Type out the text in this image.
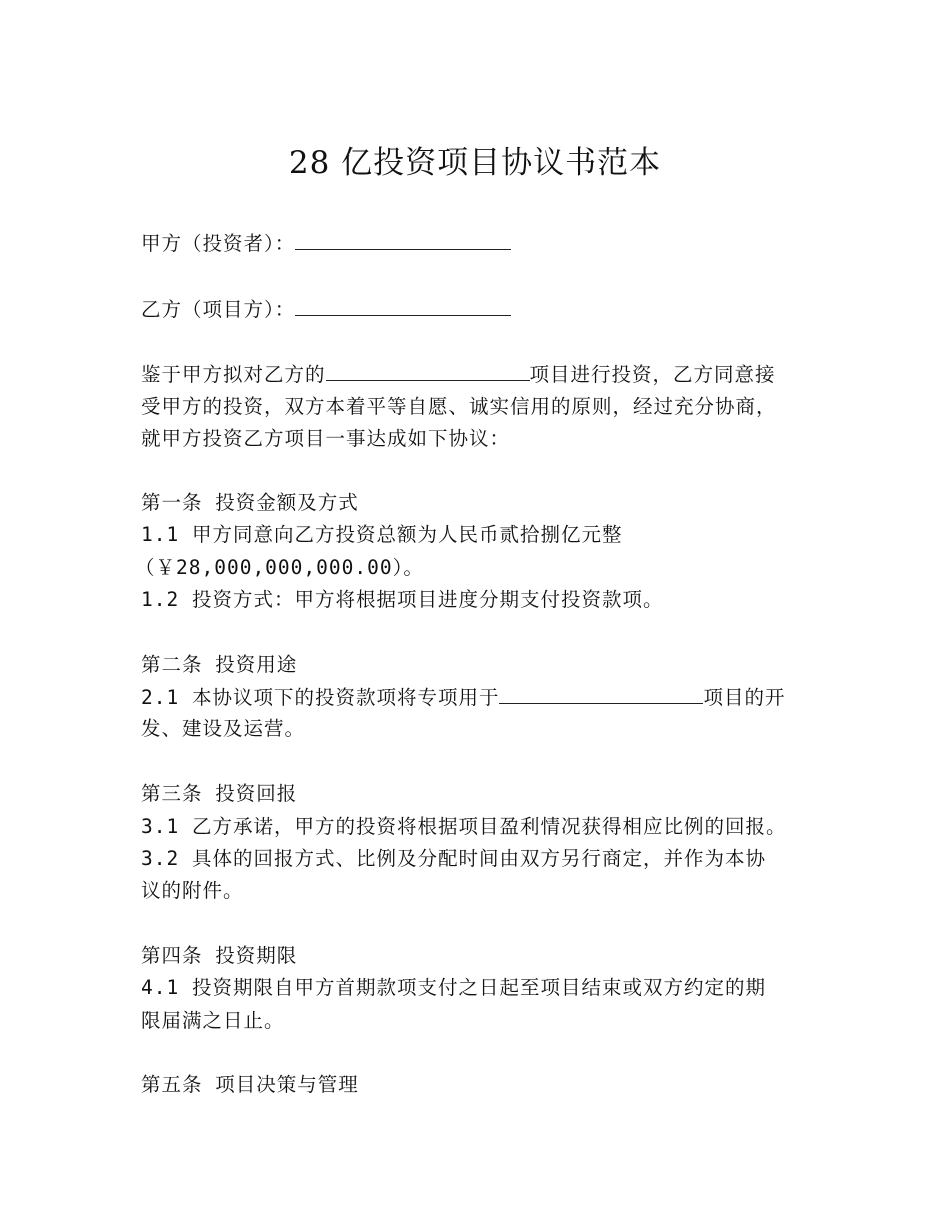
28 亿投资项目协议书范本
甲方（投资者）：
乙方（项目方）：
鉴于甲方拟对乙方的	项目进行投资，乙方同意接
受甲方的投资，双方本着平等自愿、诚实信用的原则，经过充分协商，
就甲方投资乙方项目一事达成如下协议：
第一条 投资金额及方式
1.1 甲方同意向乙方投资总额为人民币贰拾捌亿元整
（￥28,000,000,000.00）。
1.2 投资方式：甲方将根据项目进度分期支付投资款项。
第二条 投资用途
2.1 本协议项下的投资款项将专项用于	项目的开
发、建设及运营。
第三条 投资回报
3.1 乙方承诺，甲方的投资将根据项目盈利情况获得相应比例的回报。
3.2 具体的回报方式、比例及分配时间由双方另行商定，并作为本协
议的附件。
第四条 投资期限
4.1 投资期限自甲方首期款项支付之日起至项目结束或双方约定的期
限届满之日止。
第五条 项目决策与管理
